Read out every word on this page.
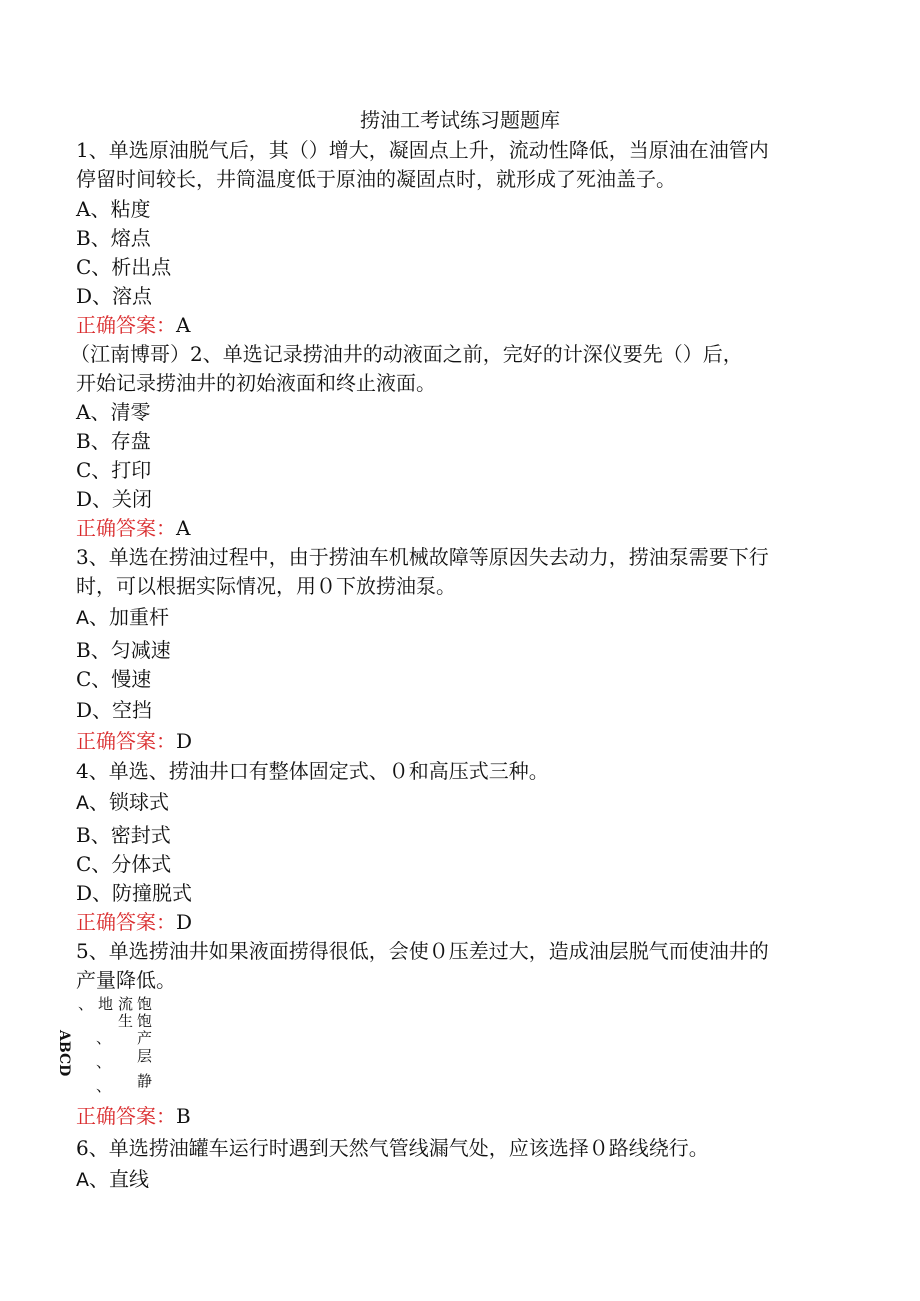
捞油工考试练习题题库
1、单选原油脱气后，其（）增大，凝固点上升，流动性降低，当原油在油管内
停留时间较长，井筒温度低于原油的凝固点时，就形成了死油盖子。
A、粘度
B、熔点
C、析出点
D、溶点
正确答案：A
（江南博哥）2、单选记录捞油井的动液面之前，完好的计深仪要先（）后，
开始记录捞油井的初始液面和终止液面。
A、清零
B、存盘
C、打印
D、关闭
正确答案：A
3、单选在捞油过程中，由于捞油车机械故障等原因失去动力，捞油泵需要下行
时，可以根据实际情况，用０下放捞油泵。
A、加重杆
B、匀减速
C、慢速
D、空挡
正确答案：D
4、单选、捞油井口有整体固定式、０和高压式三种。
A、锁球式
B、密封式
C、分体式
D、防撞脱式
正确答案：D
5、单选捞油井如果液面捞得很低，会使０压差过大，造成油层脱气而使油井的
产量降低。
ABCD
、
、
、
、
地 流
生
饱
饱
产
层
静
正确答案：B
6、单选捞油罐车运行时遇到天然气管线漏气处，应该选择０路线绕行。
A、直线
